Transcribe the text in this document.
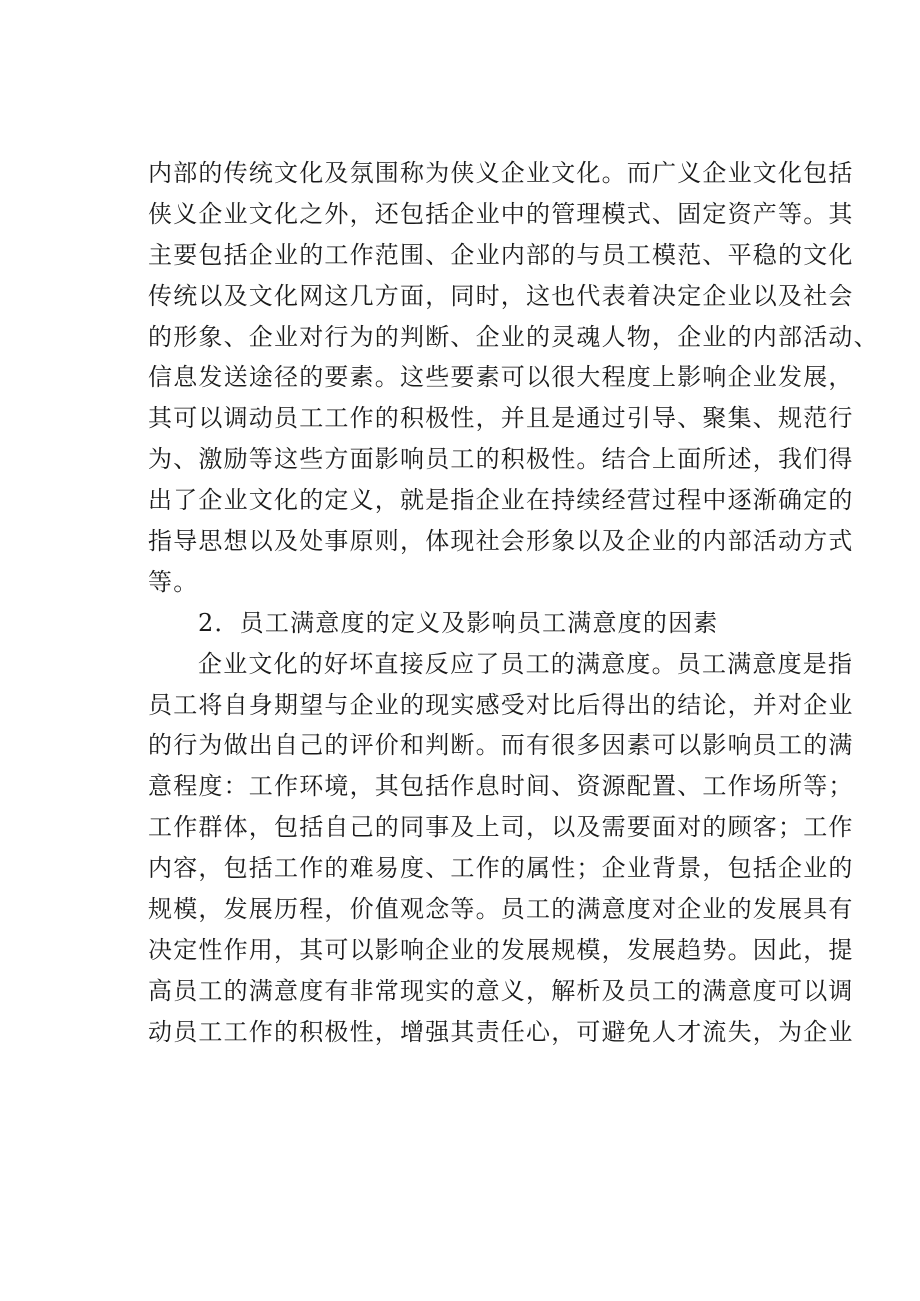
内部的传统文化及氛围称为侠义企业文化。而广义企业文化包括
侠义企业文化之外，还包括企业中的管理模式、固定资产等。其
主要包括企业的工作范围、企业内部的与员工模范、平稳的文化
传统以及文化网这几方面，同时，这也代表着决定企业以及社会
的形象、企业对行为的判断、企业的灵魂人物，企业的内部活动、
信息发送途径的要素。这些要素可以很大程度上影响企业发展，
其可以调动员工工作的积极性，并且是通过引导、聚集、规范行
为、激励等这些方面影响员工的积极性。结合上面所述，我们得
出了企业文化的定义，就是指企业在持续经营过程中逐渐确定的
指导思想以及处事原则，体现社会形象以及企业的内部活动方式
等。
2．员工满意度的定义及影响员工满意度的因素
企业文化的好坏直接反应了员工的满意度。员工满意度是指
员工将自身期望与企业的现实感受对比后得出的结论，并对企业
的行为做出自己的评价和判断。而有很多因素可以影响员工的满
意程度：工作环境，其包括作息时间、资源配置、工作场所等；
工作群体，包括自己的同事及上司，以及需要面对的顾客；工作
内容，包括工作的难易度、工作的属性；企业背景，包括企业的
规模，发展历程，价值观念等。员工的满意度对企业的发展具有
决定性作用，其可以影响企业的发展规模，发展趋势。因此，提
高员工的满意度有非常现实的意义，解析及员工的满意度可以调
动员工工作的积极性，增强其责任心，可避免人才流失，为企业
